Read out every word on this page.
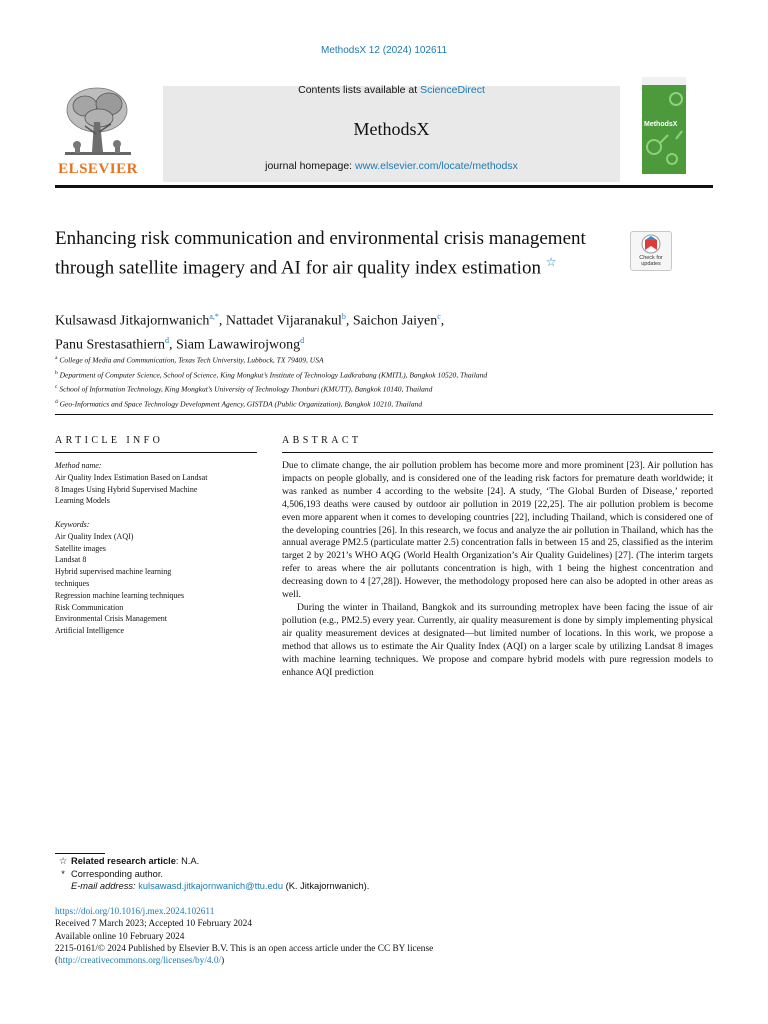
MethodsX 12 (2024) 102611
ELSEVIER
Contents lists available at ScienceDirect
MethodsX
journal homepage: www.elsevier.com/locate/methodsx
MethodsX
Enhancing risk communication and environmental crisis management through satellite imagery and AI for air quality index estimation ☆	Check for updates
Kulsawasd Jitkajornwanich$^{a,*}$, Nattadet Vijaranakul$^b$, Saichon Jaiyen$^c$,
Panu Srestasathiern$^d$, Siam Lawawirojwong$^d$
$^a$ College of Media and Communication, Texas Tech University, Lubbock, TX 79409, USA
$^b$ Department of Computer Science, School of Science, King Mongkut’s Institute of Technology Ladkrabang (KMITL), Bangkok 10520, Thailand
$^c$ School of Information Technology, King Mongkut’s University of Technology Thonburi (KMUTT), Bangkok 10140, Thailand
$^d$ Geo-Informatics and Space Technology Development Agency, GISTDA (Public Organization), Bangkok 10210, Thailand
ARTICLE INFO
Method name:
Air Quality Index Estimation Based on Landsat
8 Images Using Hybrid Supervised Machine
Learning Models
Keywords:
Air Quality Index (AQI)
Satellite images
Landsat 8
Hybrid supervised machine learning
techniques
Regression machine learning techniques
Risk Communication
Environmental Crisis Management
Artificial Intelligence
ABSTRACT

Due to climate change, the air pollution problem has become more and more prominent [23]. Air pollution has impacts on people globally, and is considered one of the leading risk factors for premature death worldwide; it was ranked as number 4 according to the website [24]. A study, ‘The Global Burden of Disease,’ reported 4,506,193 deaths were caused by outdoor air pollution in 2019 [22,25]. The air pollution problem is become even more apparent when it comes to developing countries [22], including Thailand, which is considered one of the developing countries [26]. In this research, we focus and analyze the air pollution in Thailand, which has the annual average PM2.5 (particulate matter 2.5) concentration falls in between 15 and 25, classified as the interim target 2 by 2021’s WHO AQG (World Health Organization’s Air Quality Guidelines) [27]. (The interim targets refer to areas where the air pollutants concentration is high, with 1 being the highest concentration and decreasing down to 4 [27,28]). However, the methodology proposed here can also be adopted in other areas as well.

During the winter in Thailand, Bangkok and its surrounding metroplex have been facing the issue of air pollution (e.g., PM2.5) every year. Currently, air quality measurement is done by simply implementing physical air quality measurement devices at designated—but limited number of locations. In this work, we propose a method that allows us to estimate the Air Quality Index (AQI) on a larger scale by utilizing Landsat 8 images with machine learning techniques. We propose and compare hybrid models with pure regression models to enhance AQI prediction

☆ Related research article: N.A.
* Corresponding author.
E-mail address: kulsawasd.jitkajornwanich@ttu.edu (K. Jitkajornwanich).
https://doi.org/10.1016/j.mex.2024.102611
Received 7 March 2023; Accepted 10 February 2024
Available online 10 February 2024
2215-0161/© 2024 Published by Elsevier B.V. This is an open access article under the CC BY license
(http://creativecommons.org/licenses/by/4.0/)
